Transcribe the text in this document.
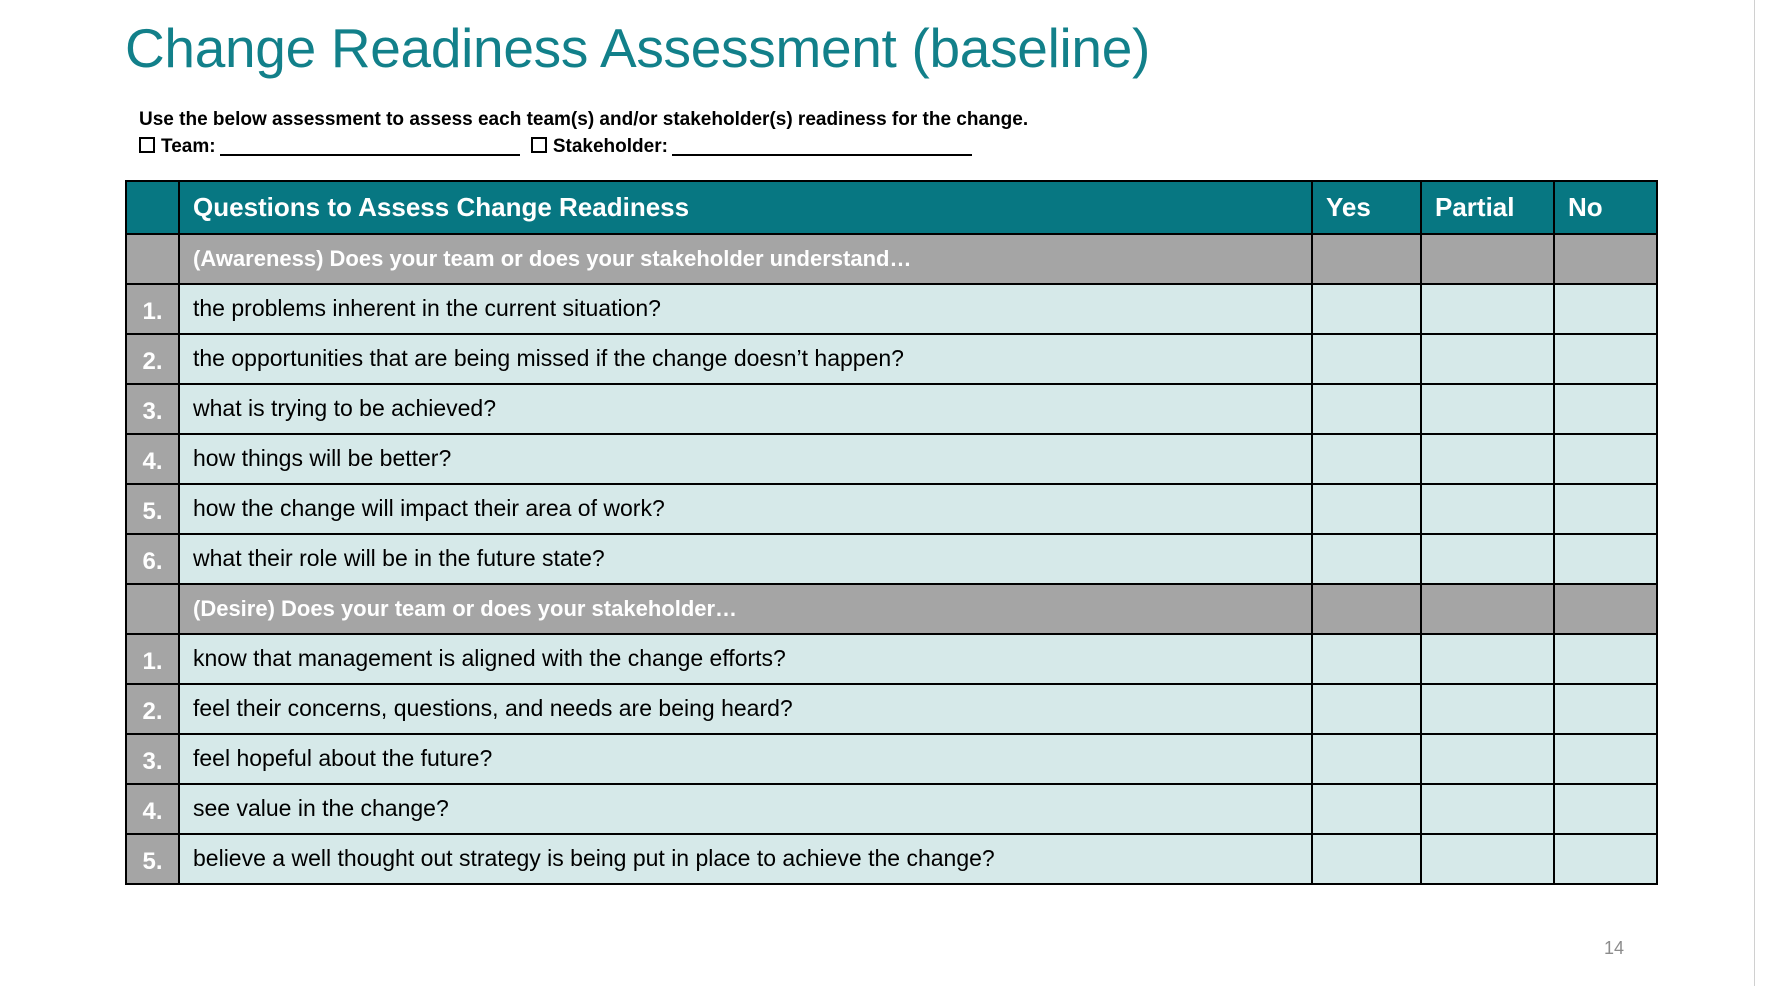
Change Readiness Assessment (baseline)
Use the below assessment to assess each team(s) and/or stakeholder(s) readiness for the change.
Team:	Stakeholder:
	Questions to Assess Change Readiness	Yes	Partial	No
	(Awareness) Does your team or does your stakeholder understand…			
1.	the problems inherent in the current situation?			
2.	the opportunities that are being missed if the change doesn’t happen?			
3.	what is trying to be achieved?			
4.	how things will be better?			
5.	how the change will impact their area of work?			
6.	what their role will be in the future state?			
	(Desire) Does your team or does your stakeholder…			
1.	know that management is aligned with the change efforts?			
2.	feel their concerns, questions, and needs are being heard?			
3.	feel hopeful about the future?			
4.	see value in the change?			
5.	believe a well thought out strategy is being put in place to achieve the change?			
14
